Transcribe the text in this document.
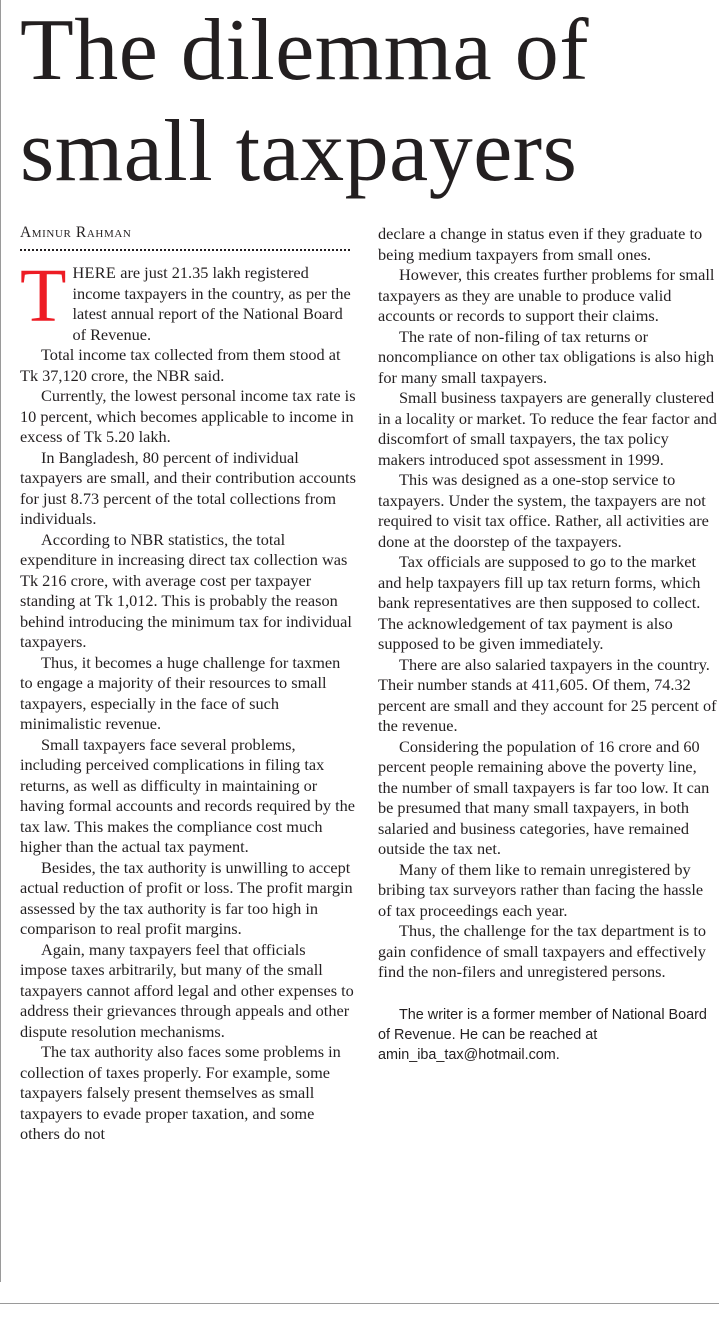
The dilemma of
small taxpayers
Aminur Rahman

THERE are just 21.35 lakh registered income taxpayers in the country, as per the latest annual report of the National Board of Revenue.

Total income tax collected from them stood at Tk 37,120 crore, the NBR said.

Currently, the lowest personal income tax rate is 10 percent, which becomes applicable to income in excess of Tk 5.20 lakh.

In Bangladesh, 80 percent of individual taxpayers are small, and their contribution accounts for just 8.73 percent of the total collections from individuals.

According to NBR statistics, the total expenditure in increasing direct tax collection was Tk 216 crore, with average cost per taxpayer standing at Tk 1,012. This is probably the reason behind introducing the minimum tax for individual taxpayers.

Thus, it becomes a huge challenge for taxmen to engage a majority of their resources to small taxpayers, especially in the face of such minimalistic revenue.

Small taxpayers face several problems, including perceived complications in filing tax returns, as well as difficulty in maintaining or having formal accounts and records required by the tax law. This makes the compliance cost much higher than the actual tax payment.

Besides, the tax authority is unwilling to accept actual reduction of profit or loss. The profit margin assessed by the tax authority is far too high in comparison to real profit margins.

Again, many taxpayers feel that officials impose taxes arbitrarily, but many of the small taxpayers cannot afford legal and other expenses to address their grievances through appeals and other dispute resolution mechanisms.

The tax authority also faces some problems in collection of taxes properly. For example, some taxpayers falsely present themselves as small taxpayers to evade proper taxation, and some others do not

declare a change in status even if they graduate to being medium taxpayers from small ones.

However, this creates further problems for small taxpayers as they are unable to produce valid accounts or records to support their claims.

The rate of non-filing of tax returns or noncompliance on other tax obligations is also high for many small taxpayers.

Small business taxpayers are generally clustered in a locality or market. To reduce the fear factor and discomfort of small taxpayers, the tax policy makers introduced spot assessment in 1999.

This was designed as a one-stop service to taxpayers. Under the system, the taxpayers are not required to visit tax office. Rather, all activities are done at the doorstep of the taxpayers.

Tax officials are supposed to go to the market and help taxpayers fill up tax return forms, which bank representatives are then supposed to collect. The acknowledgement of tax payment is also supposed to be given immediately.

There are also salaried taxpayers in the country. Their number stands at 411,605. Of them, 74.32 percent are small and they account for 25 percent of the revenue.

Considering the population of 16 crore and 60 percent people remaining above the poverty line, the number of small taxpayers is far too low. It can be presumed that many small taxpayers, in both salaried and business categories, have remained outside the tax net.

Many of them like to remain unregistered by bribing tax surveyors rather than facing the hassle of tax proceedings each year.

Thus, the challenge for the tax department is to gain confidence of small taxpayers and effectively find the non-filers and unregistered persons.

The writer is a former member of National Board of Revenue. He can be reached at amin_iba_tax@hotmail.com.
